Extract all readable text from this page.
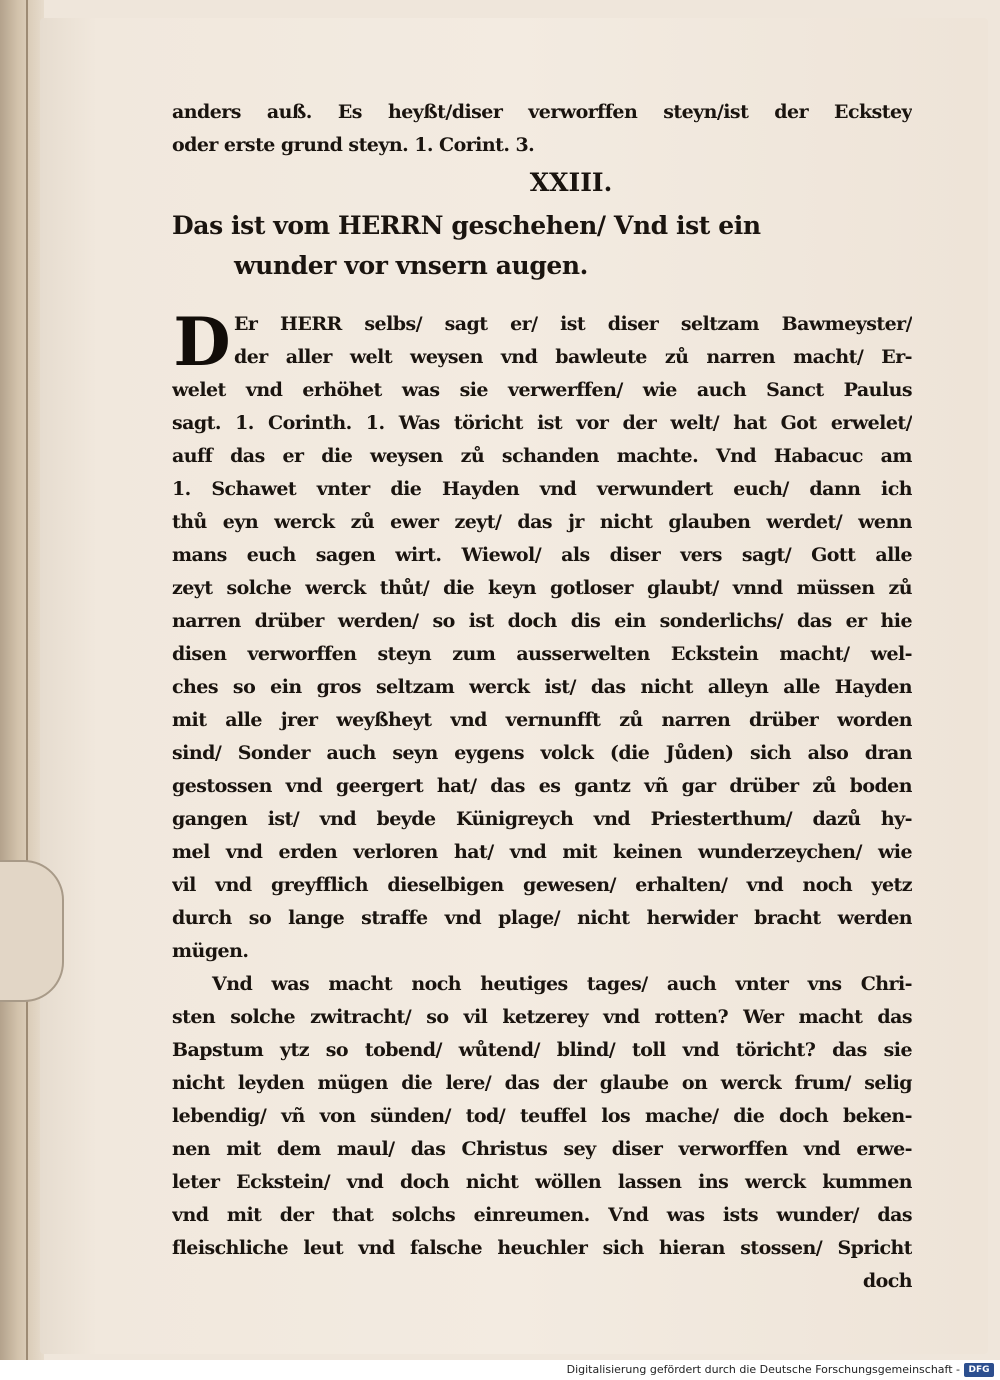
anders auß. Es heyßt/diser verworffen steyn/ist der Eckstey
oder erste grund steyn. 1. Corint. 3.
XXIII.
Das ist vom HERRN geschehen/ Vnd ist ein
wunder vor vnsern augen.
D Er HERR selbs/ sagt er/ ist diser seltzam Bawmeyster/
der aller welt weysen vnd bawleute zů narren macht/ Er-
welet vnd erhöhet was sie verwerffen/ wie auch Sanct Paulus
sagt. 1. Corinth. 1. Was töricht ist vor der welt/ hat Got erwelet/
auff das er die weysen zů schanden machte. Vnd Habacuc am
1. Schawet vnter die Hayden vnd verwundert euch/ dann ich
thů eyn werck zů ewer zeyt/ das jr nicht glauben werdet/ wenn
mans euch sagen wirt. Wiewol/ als diser vers sagt/ Gott alle
zeyt solche werck thůt/ die keyn gotloser glaubt/ vnnd müssen zů
narren drüber werden/ so ist doch dis ein sonderlichs/ das er hie
disen verworffen steyn zum ausserwelten Eckstein macht/ wel-
ches so ein gros seltzam werck ist/ das nicht alleyn alle Hayden
mit alle jrer weyßheyt vnd vernunfft zů narren drüber worden
sind/ Sonder auch seyn eygens volck (die Jůden) sich also dran
gestossen vnd geergert hat/ das es gantz vñ gar drüber zů boden
gangen ist/ vnd beyde Künigreych vnd Priesterthum/ dazů hy-
mel vnd erden verloren hat/ vnd mit keinen wunderzeychen/ wie
vil vnd greyfflich dieselbigen gewesen/ erhalten/ vnd noch yetz
durch so lange straffe vnd plage/ nicht herwider bracht werden
mügen.
Vnd was macht noch heutiges tages/ auch vnter vns Chri-
sten solche zwitracht/ so vil ketzerey vnd rotten? Wer macht das
Bapstum ytz so tobend/ wůtend/ blind/ toll vnd töricht? das sie
nicht leyden mügen die lere/ das der glaube on werck frum/ selig
lebendig/ vñ von sünden/ tod/ teuffel los mache/ die doch beken-
nen mit dem maul/ das Christus sey diser verworffen vnd erwe-
leter Eckstein/ vnd doch nicht wöllen lassen ins werck kummen
vnd mit der that solchs einreumen. Vnd was ists wunder/ das
fleischliche leut vnd falsche heuchler sich hieran stossen/ Spricht
doch
Digitalisierung gefördert durch die Deutsche Forschungsgemeinschaft - DFG
